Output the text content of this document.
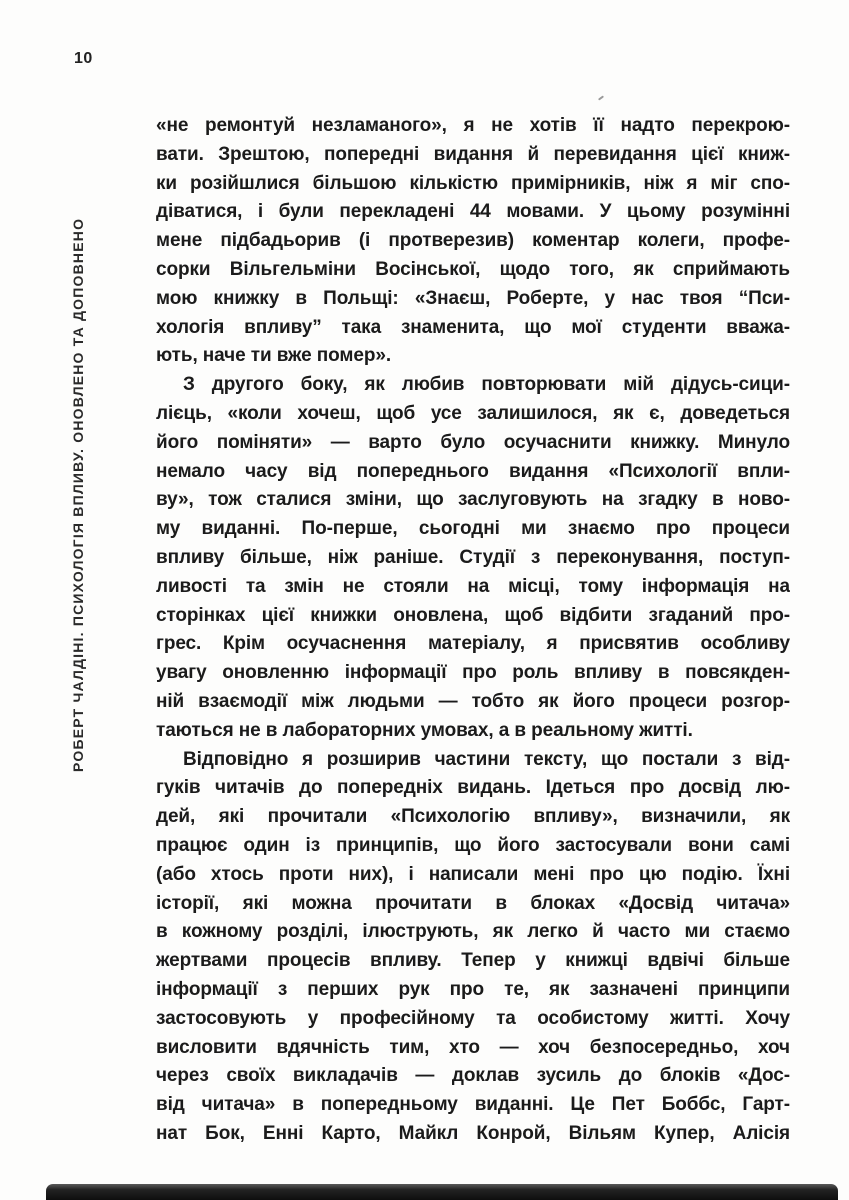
10
РОБЕРТ ЧАЛДІНІ. ПСИХОЛОГІЯ ВПЛИВУ. ОНОВЛЕНО ТА ДОПОВНЕНО
«не ремонтуй незламаного», я не хотів її надто перекрою-
вати. Зрештою, попередні видання й перевидання цієї книж-
ки розійшлися більшою кількістю примірників, ніж я міг спо-
діватися, і були перекладені 44 мовами. У цьому розумінні
мене підбадьорив (і протверезив) коментар колеги, профе-
сорки Вільгельміни Восінської, щодо того, як сприймають
мою книжку в Польщі: «Знаєш, Роберте, у нас твоя “Пси-
хологія впливу” така знаменита, що мої студенти вважа-
ють, наче ти вже помер».
З другого боку, як любив повторювати мій дідусь-сици-
лієць, «коли хочеш, щоб усе залишилося, як є, доведеться
його поміняти» — варто було осучаснити книжку. Минуло
немало часу від попереднього видання «Психології впли-
ву», тож сталися зміни, що заслуговують на згадку в ново-
му виданні. По-перше, сьогодні ми знаємо про процеси
впливу більше, ніж раніше. Студії з переконування, поступ-
ливості та змін не стояли на місці, тому інформація на
сторінках цієї книжки оновлена, щоб відбити згаданий про-
грес. Крім осучаснення матеріалу, я присвятив особливу
увагу оновленню інформації про роль впливу в повсякден-
ній взаємодії між людьми — тобто як його процеси розгор-
таються не в лабораторних умовах, а в реальному житті.
Відповідно я розширив частини тексту, що постали з від-
гуків читачів до попередніх видань. Ідеться про досвід лю-
дей, які прочитали «Психологію впливу», визначили, як
працює один із принципів, що його застосували вони самі
(або хтось проти них), і написали мені про цю подію. Їхні
історії, які можна прочитати в блоках «Досвід читача»
в кожному розділі, ілюструють, як легко й часто ми стаємо
жертвами процесів впливу. Тепер у книжці вдвічі більше
інформації з перших рук про те, як зазначені принципи
застосовують у професійному та особистому житті. Хочу
висловити вдячність тим, хто — хоч безпосередньо, хоч
через своїх викладачів — доклав зусиль до блоків «Дос-
від читача» в попередньому виданні. Це Пет Боббс, Гарт-
нат Бок, Енні Карто, Майкл Конрой, Вільям Купер, Алісія
